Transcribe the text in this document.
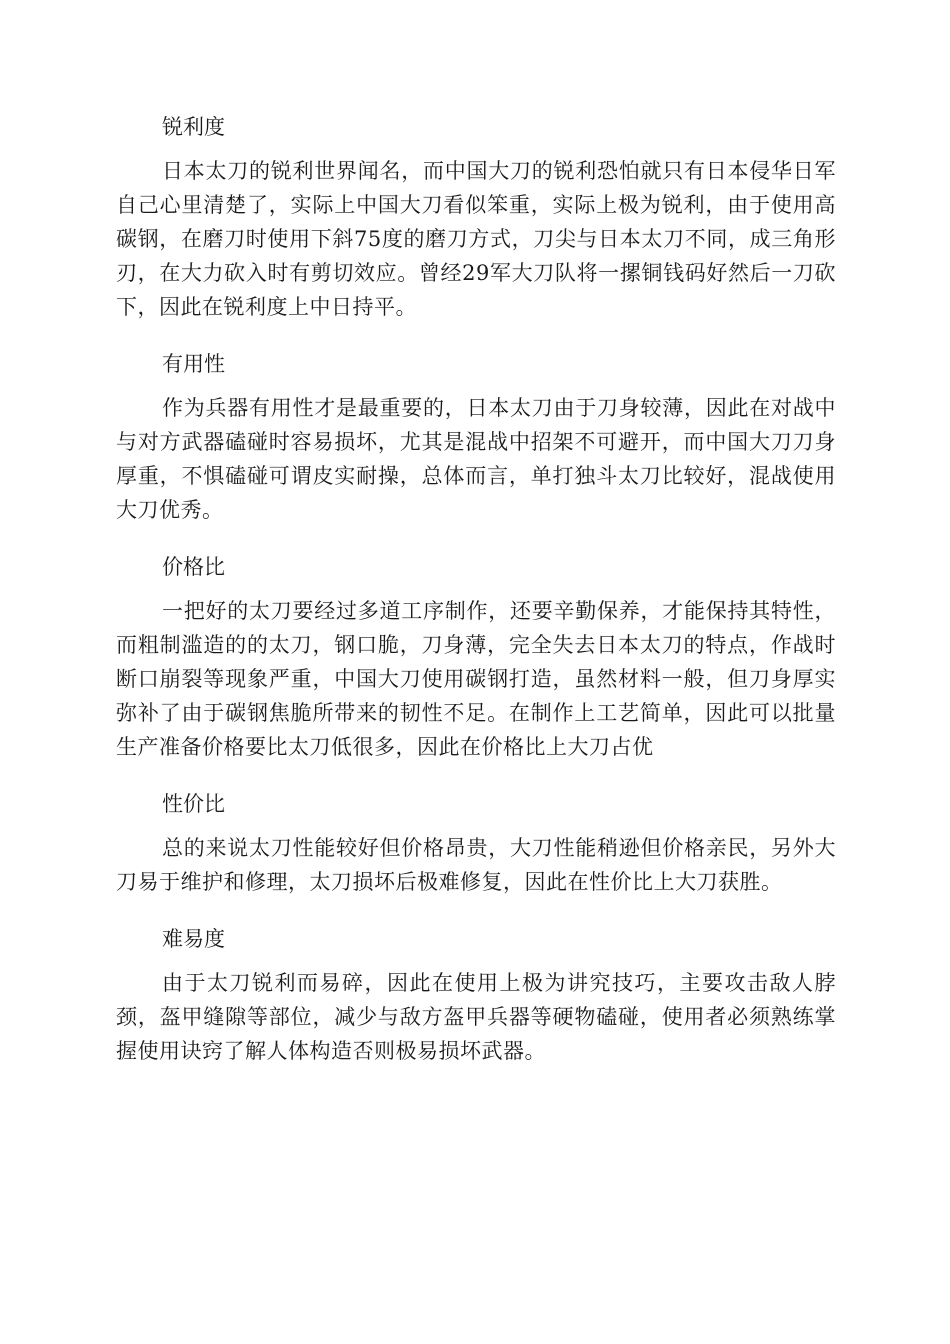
锐利度

日本太刀的锐利世界闻名，而中国大刀的锐利恐怕就只有日本侵华日军自己心里清楚了，实际上中国大刀看似笨重，实际上极为锐利，由于使用高碳钢，在磨刀时使用下斜75度的磨刀方式，刀尖与日本太刀不同，成三角形刃，在大力砍入时有剪切效应。曾经29军大刀队将一摞铜钱码好然后一刀砍下，因此在锐利度上中日持平。

有用性

作为兵器有用性才是最重要的，日本太刀由于刀身较薄，因此在对战中与对方武器磕碰时容易损坏，尤其是混战中招架不可避开，而中国大刀刀身厚重，不惧磕碰可谓皮实耐操，总体而言，单打独斗太刀比较好，混战使用大刀优秀。

价格比

一把好的太刀要经过多道工序制作，还要辛勤保养，才能保持其特性，而粗制滥造的的太刀，钢口脆，刀身薄，完全失去日本太刀的特点，作战时断口崩裂等现象严重，中国大刀使用碳钢打造，虽然材料一般，但刀身厚实弥补了由于碳钢焦脆所带来的韧性不足。在制作上工艺简单，因此可以批量生产准备价格要比太刀低很多，因此在价格比上大刀占优

性价比

总的来说太刀性能较好但价格昂贵，大刀性能稍逊但价格亲民，另外大刀易于维护和修理，太刀损坏后极难修复，因此在性价比上大刀获胜。

难易度

由于太刀锐利而易碎，因此在使用上极为讲究技巧，主要攻击敌人脖颈，盔甲缝隙等部位，减少与敌方盔甲兵器等硬物磕碰，使用者必须熟练掌握使用诀窍了解人体构造否则极易损坏武器。
